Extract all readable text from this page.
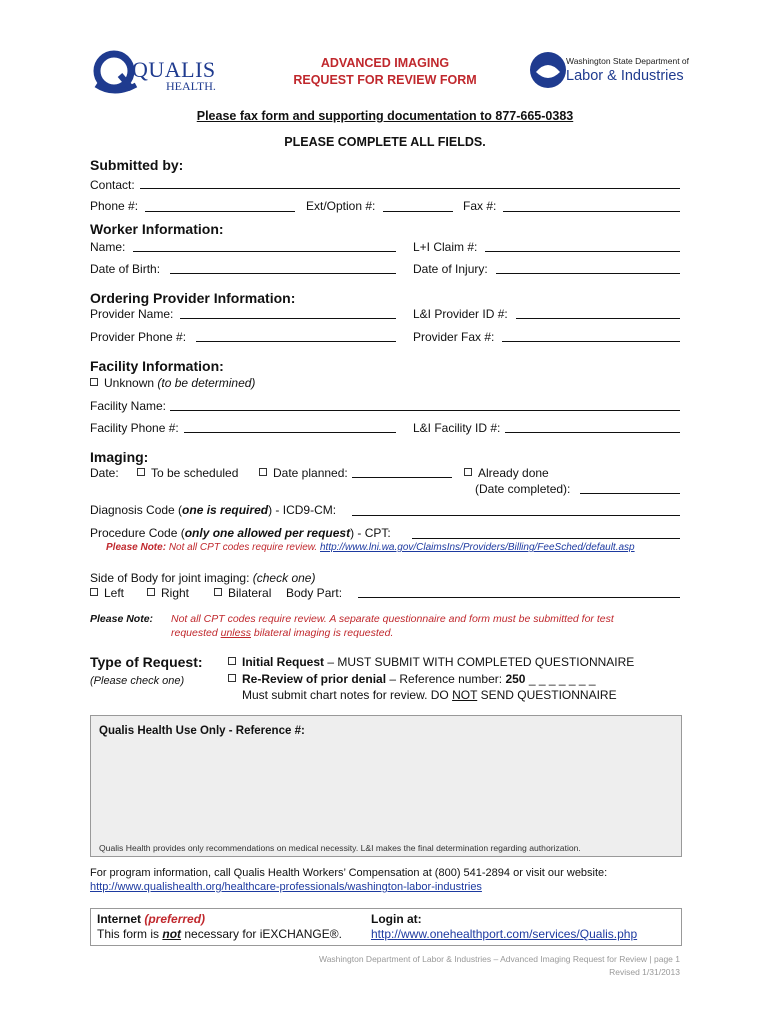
QUALIS
HEALTH.
ADVANCED IMAGING
REQUEST FOR REVIEW FORM
Washington State Department of
Labor & Industries
Please fax form and supporting documentation to 877-665-0383
PLEASE COMPLETE ALL FIELDS.
Submitted by:
Contact:
Phone #:	Ext/Option #:	Fax #:
Worker Information:
Name:	L+I Claim #:
Date of Birth:	Date of Injury:
Ordering Provider Information:
Provider Name:	L&I Provider ID #:
Provider Phone #:	Provider Fax #:
Facility Information:
Unknown (to be determined)
Facility Name:
Facility Phone #:	L&I Facility ID #:
Imaging:
Date:	To be scheduled	Date planned:	Already done
(Date completed):
Diagnosis Code (one is required) - ICD9-CM:
Procedure Code (only one allowed per request) - CPT:
Please Note: Not all CPT codes require review. http://www.lni.wa.gov/ClaimsIns/Providers/Billing/FeeSched/default.asp
Side of Body for joint imaging: (check one)
Left	Right	Bilateral Body Part:
Please Note: Not all CPT codes require review. A separate questionnaire and form must be submitted for test
requested unless bilateral imaging is requested.
Type of Request:
(Please check one)
Initial Request – MUST SUBMIT WITH COMPLETED QUESTIONNAIRE
Re-Review of prior denial – Reference number: 250 _ _ _ _ _ _ _
Must submit chart notes for review. DO NOT SEND QUESTIONNAIRE
Qualis Health Use Only - Reference #:
Qualis Health provides only recommendations on medical necessity. L&I makes the final determination regarding authorization.
For program information, call Qualis Health Workers’ Compensation at (800) 541-2894 or visit our website:
http://www.qualishealth.org/healthcare-professionals/washington-labor-industries
Internet (preferred)
This form is not necessary for iEXCHANGE®.
Login at:
http://www.onehealthport.com/services/Qualis.php
Washington Department of Labor & Industries – Advanced Imaging Request for Review | page 1
Revised 1/31/2013
